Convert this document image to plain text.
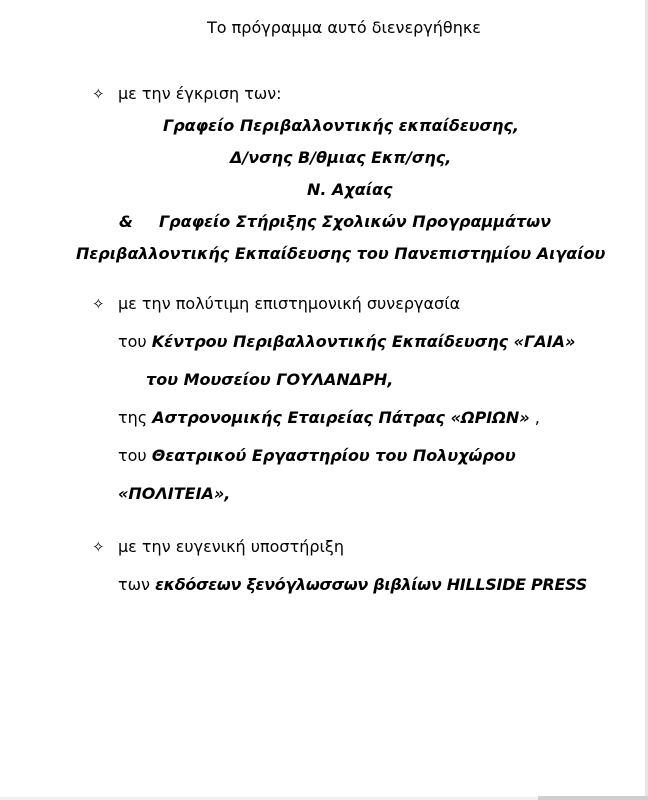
Το πρόγραμμα αυτό διενεργήθηκε
✧ με την έγκριση των:
Γραφείο Περιβαλλοντικής εκπαίδευσης,
Δ/νσης Β/θμιας Εκπ/σης,
Ν. Αχαίας
& Γραφείο Στήριξης Σχολικών Προγραμμάτων
Περιβαλλοντικής Εκπαίδευσης του Πανεπιστημίου Αιγαίου
✧ με την πολύτιμη επιστημονική συνεργασία
του Κέντρου Περιβαλλοντικής Εκπαίδευσης «ΓΑΙΑ»
του Μουσείου ΓΟΥΛΑΝΔΡΗ,
της Αστρονομικής Εταιρείας Πάτρας «ΩΡΙΩΝ» ,
του Θεατρικού Εργαστηρίου του Πολυχώρου
«ΠΟΛΙΤΕΙΑ»,
✧ με την ευγενική υποστήριξη
των εκδόσεων ξενόγλωσσων βιβλίων HILLSIDE PRESS
